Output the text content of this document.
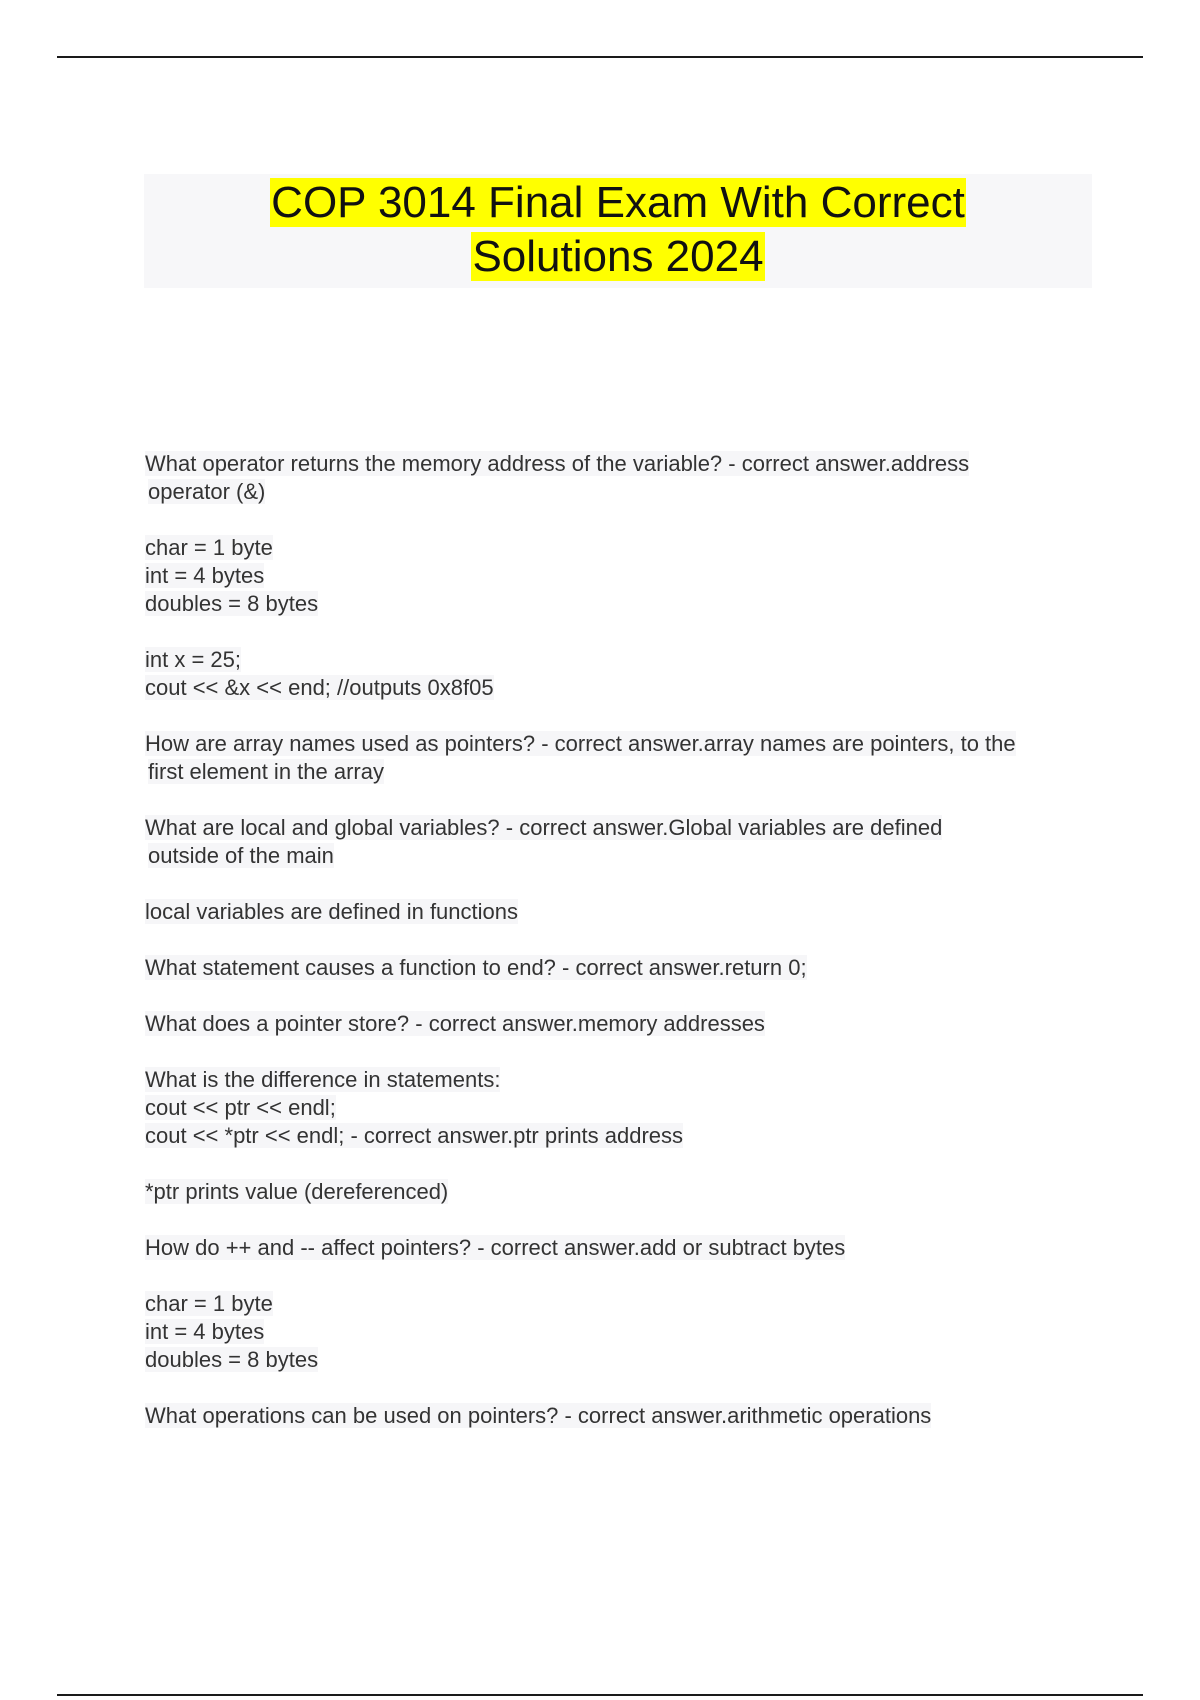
COP 3014 Final Exam With Correct
Solutions 2024
What operator returns the memory address of the variable? - correct answer.address
operator (&)
char = 1 byte
int = 4 bytes
doubles = 8 bytes
int x = 25;
cout << &x << end; //outputs 0x8f05
How are array names used as pointers? - correct answer.array names are pointers, to the
first element in the array
What are local and global variables? - correct answer.Global variables are defined
outside of the main
local variables are defined in functions
What statement causes a function to end? - correct answer.return 0;
What does a pointer store? - correct answer.memory addresses
What is the difference in statements:
cout << ptr << endl;
cout << *ptr << endl; - correct answer.ptr prints address
*ptr prints value (dereferenced)
How do ++ and -- affect pointers? - correct answer.add or subtract bytes
char = 1 byte
int = 4 bytes
doubles = 8 bytes
What operations can be used on pointers? - correct answer.arithmetic operations
